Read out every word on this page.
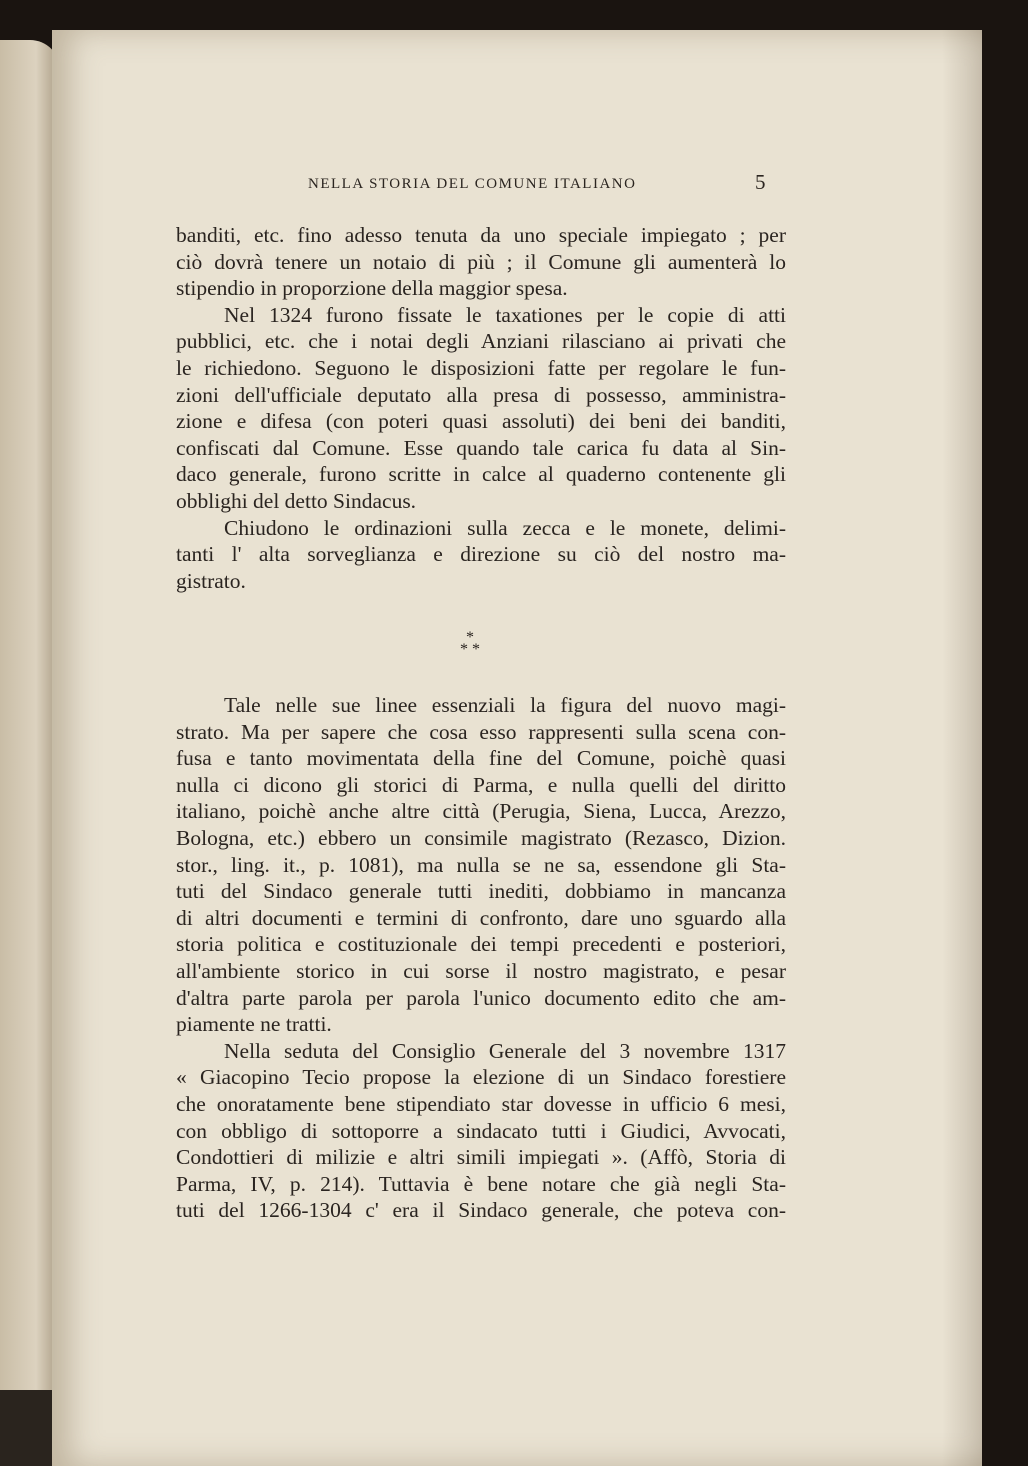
NELLA STORIA DEL COMUNE ITALIANO	5
banditi, etc. fino adesso tenuta da uno speciale impiegato ; per
ciò dovrà tenere un notaio di più ; il Comune gli aumenterà lo
stipendio in proporzione della maggior spesa.
Nel 1324 furono fissate le taxationes per le copie di atti
pubblici, etc. che i notai degli Anziani rilasciano ai privati che
le richiedono. Seguono le disposizioni fatte per regolare le fun-
zioni dell'ufficiale deputato alla presa di possesso, amministra-
zione e difesa (con poteri quasi assoluti) dei beni dei banditi,
confiscati dal Comune. Esse quando tale carica fu data al Sin-
daco generale, furono scritte in calce al quaderno contenente gli
obblighi del detto Sindacus.
Chiudono le ordinazioni sulla zecca e le monete, delimi-
tanti l' alta sorveglianza e direzione su ciò del nostro ma-
gistrato.
*
* *
Tale nelle sue linee essenziali la figura del nuovo magi-
strato. Ma per sapere che cosa esso rappresenti sulla scena con-
fusa e tanto movimentata della fine del Comune, poichè quasi
nulla ci dicono gli storici di Parma, e nulla quelli del diritto
italiano, poichè anche altre città (Perugia, Siena, Lucca, Arezzo,
Bologna, etc.) ebbero un consimile magistrato (Rezasco, Dizion.
stor., ling. it., p. 1081), ma nulla se ne sa, essendone gli Sta-
tuti del Sindaco generale tutti inediti, dobbiamo in mancanza
di altri documenti e termini di confronto, dare uno sguardo alla
storia politica e costituzionale dei tempi precedenti e posteriori,
all'ambiente storico in cui sorse il nostro magistrato, e pesar
d'altra parte parola per parola l'unico documento edito che am-
piamente ne tratti.
Nella seduta del Consiglio Generale del 3 novembre 1317
« Giacopino Tecio propose la elezione di un Sindaco forestiere
che onoratamente bene stipendiato star dovesse in ufficio 6 mesi,
con obbligo di sottoporre a sindacato tutti i Giudici, Avvocati,
Condottieri di milizie e altri simili impiegati ». (Affò, Storia di
Parma, IV, p. 214). Tuttavia è bene notare che già negli Sta-
tuti del 1266-1304 c' era il Sindaco generale, che poteva con-
